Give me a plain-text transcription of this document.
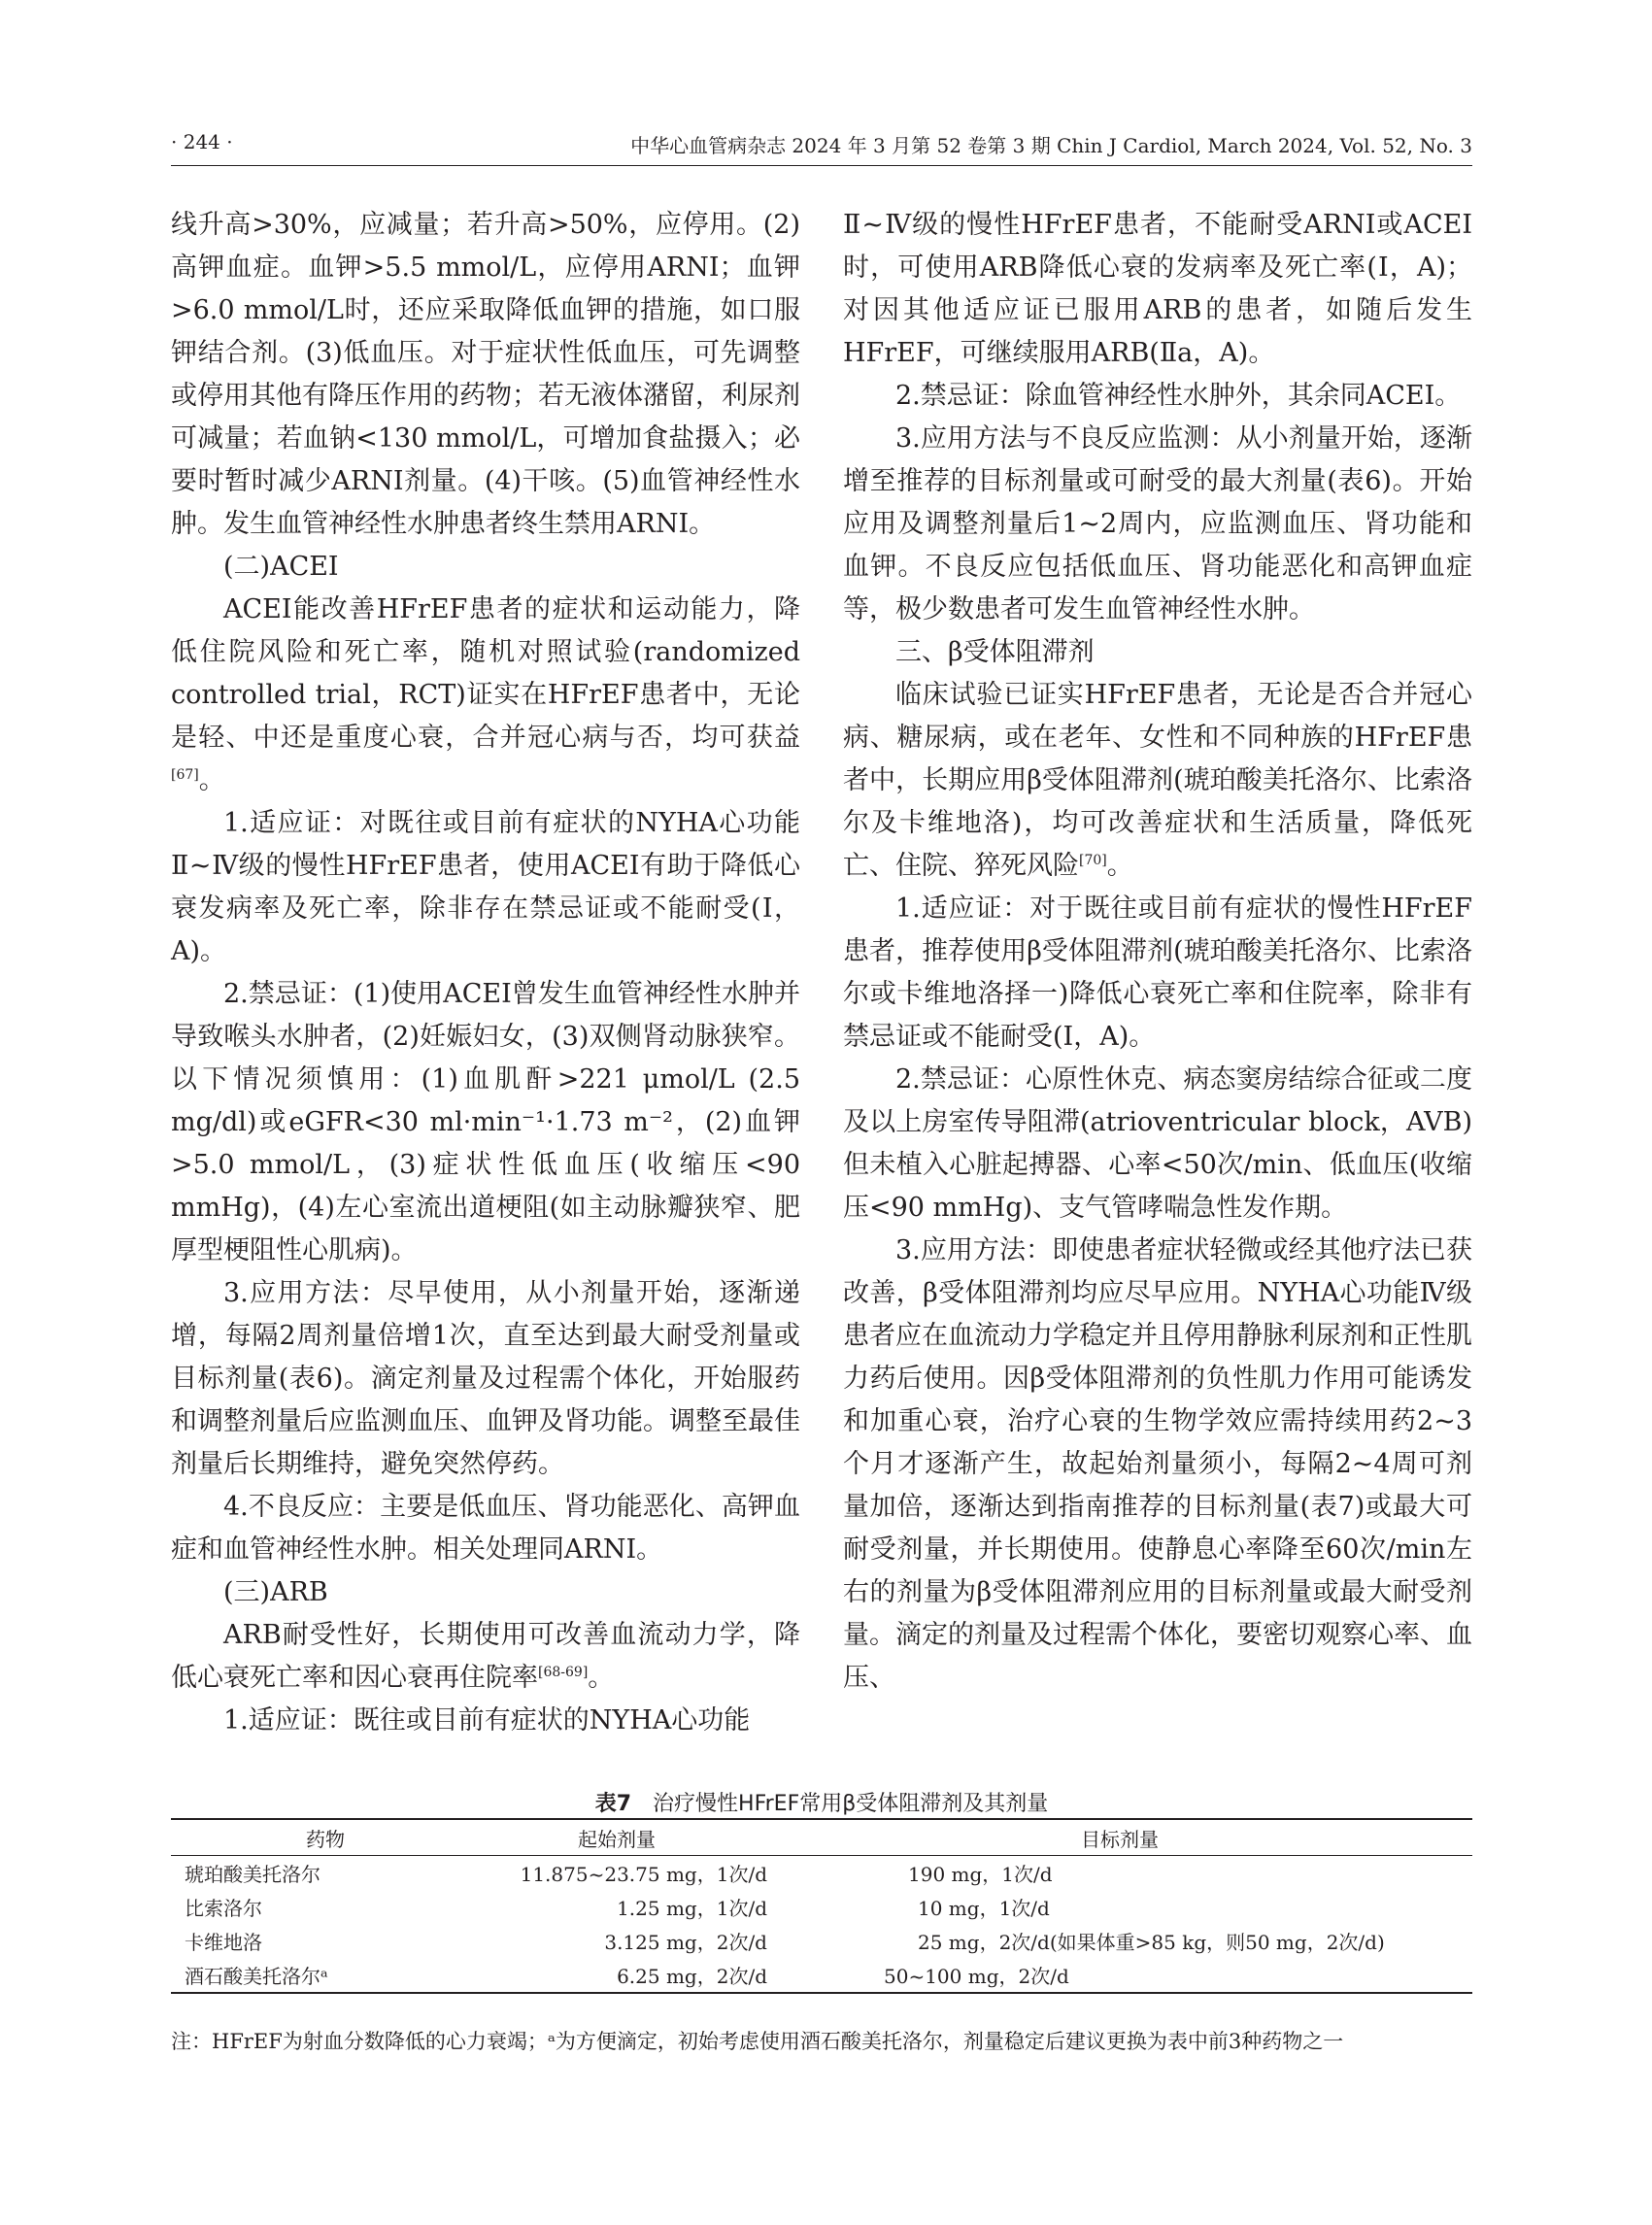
· 244 ·	中华心血管病杂志 2024 年 3 月第 52 卷第 3 期 Chin J Cardiol, March 2024, Vol. 52, No. 3

线升高>30%，应减量；若升高>50%，应停用。(2)高钾血症。血钾>5.5 mmol/L，应停用ARNI；血钾>6.0 mmol/L时，还应采取降低血钾的措施，如口服钾结合剂。(3)低血压。对于症状性低血压，可先调整或停用其他有降压作用的药物；若无液体潴留，利尿剂可减量；若血钠<130 mmol/L，可增加食盐摄入；必要时暂时减少ARNI剂量。(4)干咳。(5)血管神经性水肿。发生血管神经性水肿患者终生禁用ARNI。

(二)ACEI

ACEI能改善HFrEF患者的症状和运动能力，降低住院风险和死亡率，随机对照试验(randomized controlled trial，RCT)证实在HFrEF患者中，无论是轻、中还是重度心衰，合并冠心病与否，均可获益[67]。

1.适应证：对既往或目前有症状的NYHA心功能Ⅱ~Ⅳ级的慢性HFrEF患者，使用ACEI有助于降低心衰发病率及死亡率，除非存在禁忌证或不能耐受(Ⅰ，A)。

2.禁忌证：(1)使用ACEI曾发生血管神经性水肿并导致喉头水肿者，(2)妊娠妇女，(3)双侧肾动脉狭窄。以下情况须慎用：(1)血肌酐>221 μmol/L (2.5 mg/dl)或eGFR<30 ml·min⁻¹·1.73 m⁻²，(2)血钾>5.0 mmol/L，(3)症状性低血压(收缩压<90 mmHg)，(4)左心室流出道梗阻(如主动脉瓣狭窄、肥厚型梗阻性心肌病)。

3.应用方法：尽早使用，从小剂量开始，逐渐递增，每隔2周剂量倍增1次，直至达到最大耐受剂量或目标剂量(表6)。滴定剂量及过程需个体化，开始服药和调整剂量后应监测血压、血钾及肾功能。调整至最佳剂量后长期维持，避免突然停药。

4.不良反应：主要是低血压、肾功能恶化、高钾血症和血管神经性水肿。相关处理同ARNI。

(三)ARB

ARB耐受性好，长期使用可改善血流动力学，降低心衰死亡率和因心衰再住院率[68-69]。

1.适应证：既往或目前有症状的NYHA心功能

Ⅱ~Ⅳ级的慢性HFrEF患者，不能耐受ARNI或ACEI时，可使用ARB降低心衰的发病率及死亡率(Ⅰ，A)；对因其他适应证已服用ARB的患者，如随后发生HFrEF，可继续服用ARB(Ⅱa，A)。

2.禁忌证：除血管神经性水肿外，其余同ACEI。

3.应用方法与不良反应监测：从小剂量开始，逐渐增至推荐的目标剂量或可耐受的最大剂量(表6)。开始应用及调整剂量后1~2周内，应监测血压、肾功能和血钾。不良反应包括低血压、肾功能恶化和高钾血症等，极少数患者可发生血管神经性水肿。

三、β受体阻滞剂

临床试验已证实HFrEF患者，无论是否合并冠心病、糖尿病，或在老年、女性和不同种族的HFrEF患者中，长期应用β受体阻滞剂(琥珀酸美托洛尔、比索洛尔及卡维地洛)，均可改善症状和生活质量，降低死亡、住院、猝死风险[70]。

1.适应证：对于既往或目前有症状的慢性HFrEF患者，推荐使用β受体阻滞剂(琥珀酸美托洛尔、比索洛尔或卡维地洛择一)降低心衰死亡率和住院率，除非有禁忌证或不能耐受(Ⅰ，A)。

2.禁忌证：心原性休克、病态窦房结综合征或二度及以上房室传导阻滞(atrioventricular block，AVB)但未植入心脏起搏器、心率<50次/min、低血压(收缩压<90 mmHg)、支气管哮喘急性发作期。

3.应用方法：即使患者症状轻微或经其他疗法已获改善，β受体阻滞剂均应尽早应用。NYHA心功能Ⅳ级患者应在血流动力学稳定并且停用静脉利尿剂和正性肌力药后使用。因β受体阻滞剂的负性肌力作用可能诱发和加重心衰，治疗心衰的生物学效应需持续用药2~3个月才逐渐产生，故起始剂量须小，每隔2~4周可剂量加倍，逐渐达到指南推荐的目标剂量(表7)或最大可耐受剂量，并长期使用。使静息心率降至60次/min左右的剂量为β受体阻滞剂应用的目标剂量或最大耐受剂量。滴定的剂量及过程需个体化，要密切观察心率、血压、

表7 治疗慢性HFrEF常用β受体阻滞剂及其剂量
药物	起始剂量	目标剂量
琥珀酸美托洛尔	11.875~23.75 mg，1次/d	190 mg，1次/d
比索洛尔	1.25 mg，1次/d	10 mg，1次/d
卡维地洛	3.125 mg，2次/d	25 mg，2次/d(如果体重>85 kg，则50 mg，2次/d)
酒石酸美托洛尔ᵃ	6.25 mg，2次/d	50~100 mg，2次/d
注：HFrEF为射血分数降低的心力衰竭；ᵃ为方便滴定，初始考虑使用酒石酸美托洛尔，剂量稳定后建议更换为表中前3种药物之一
